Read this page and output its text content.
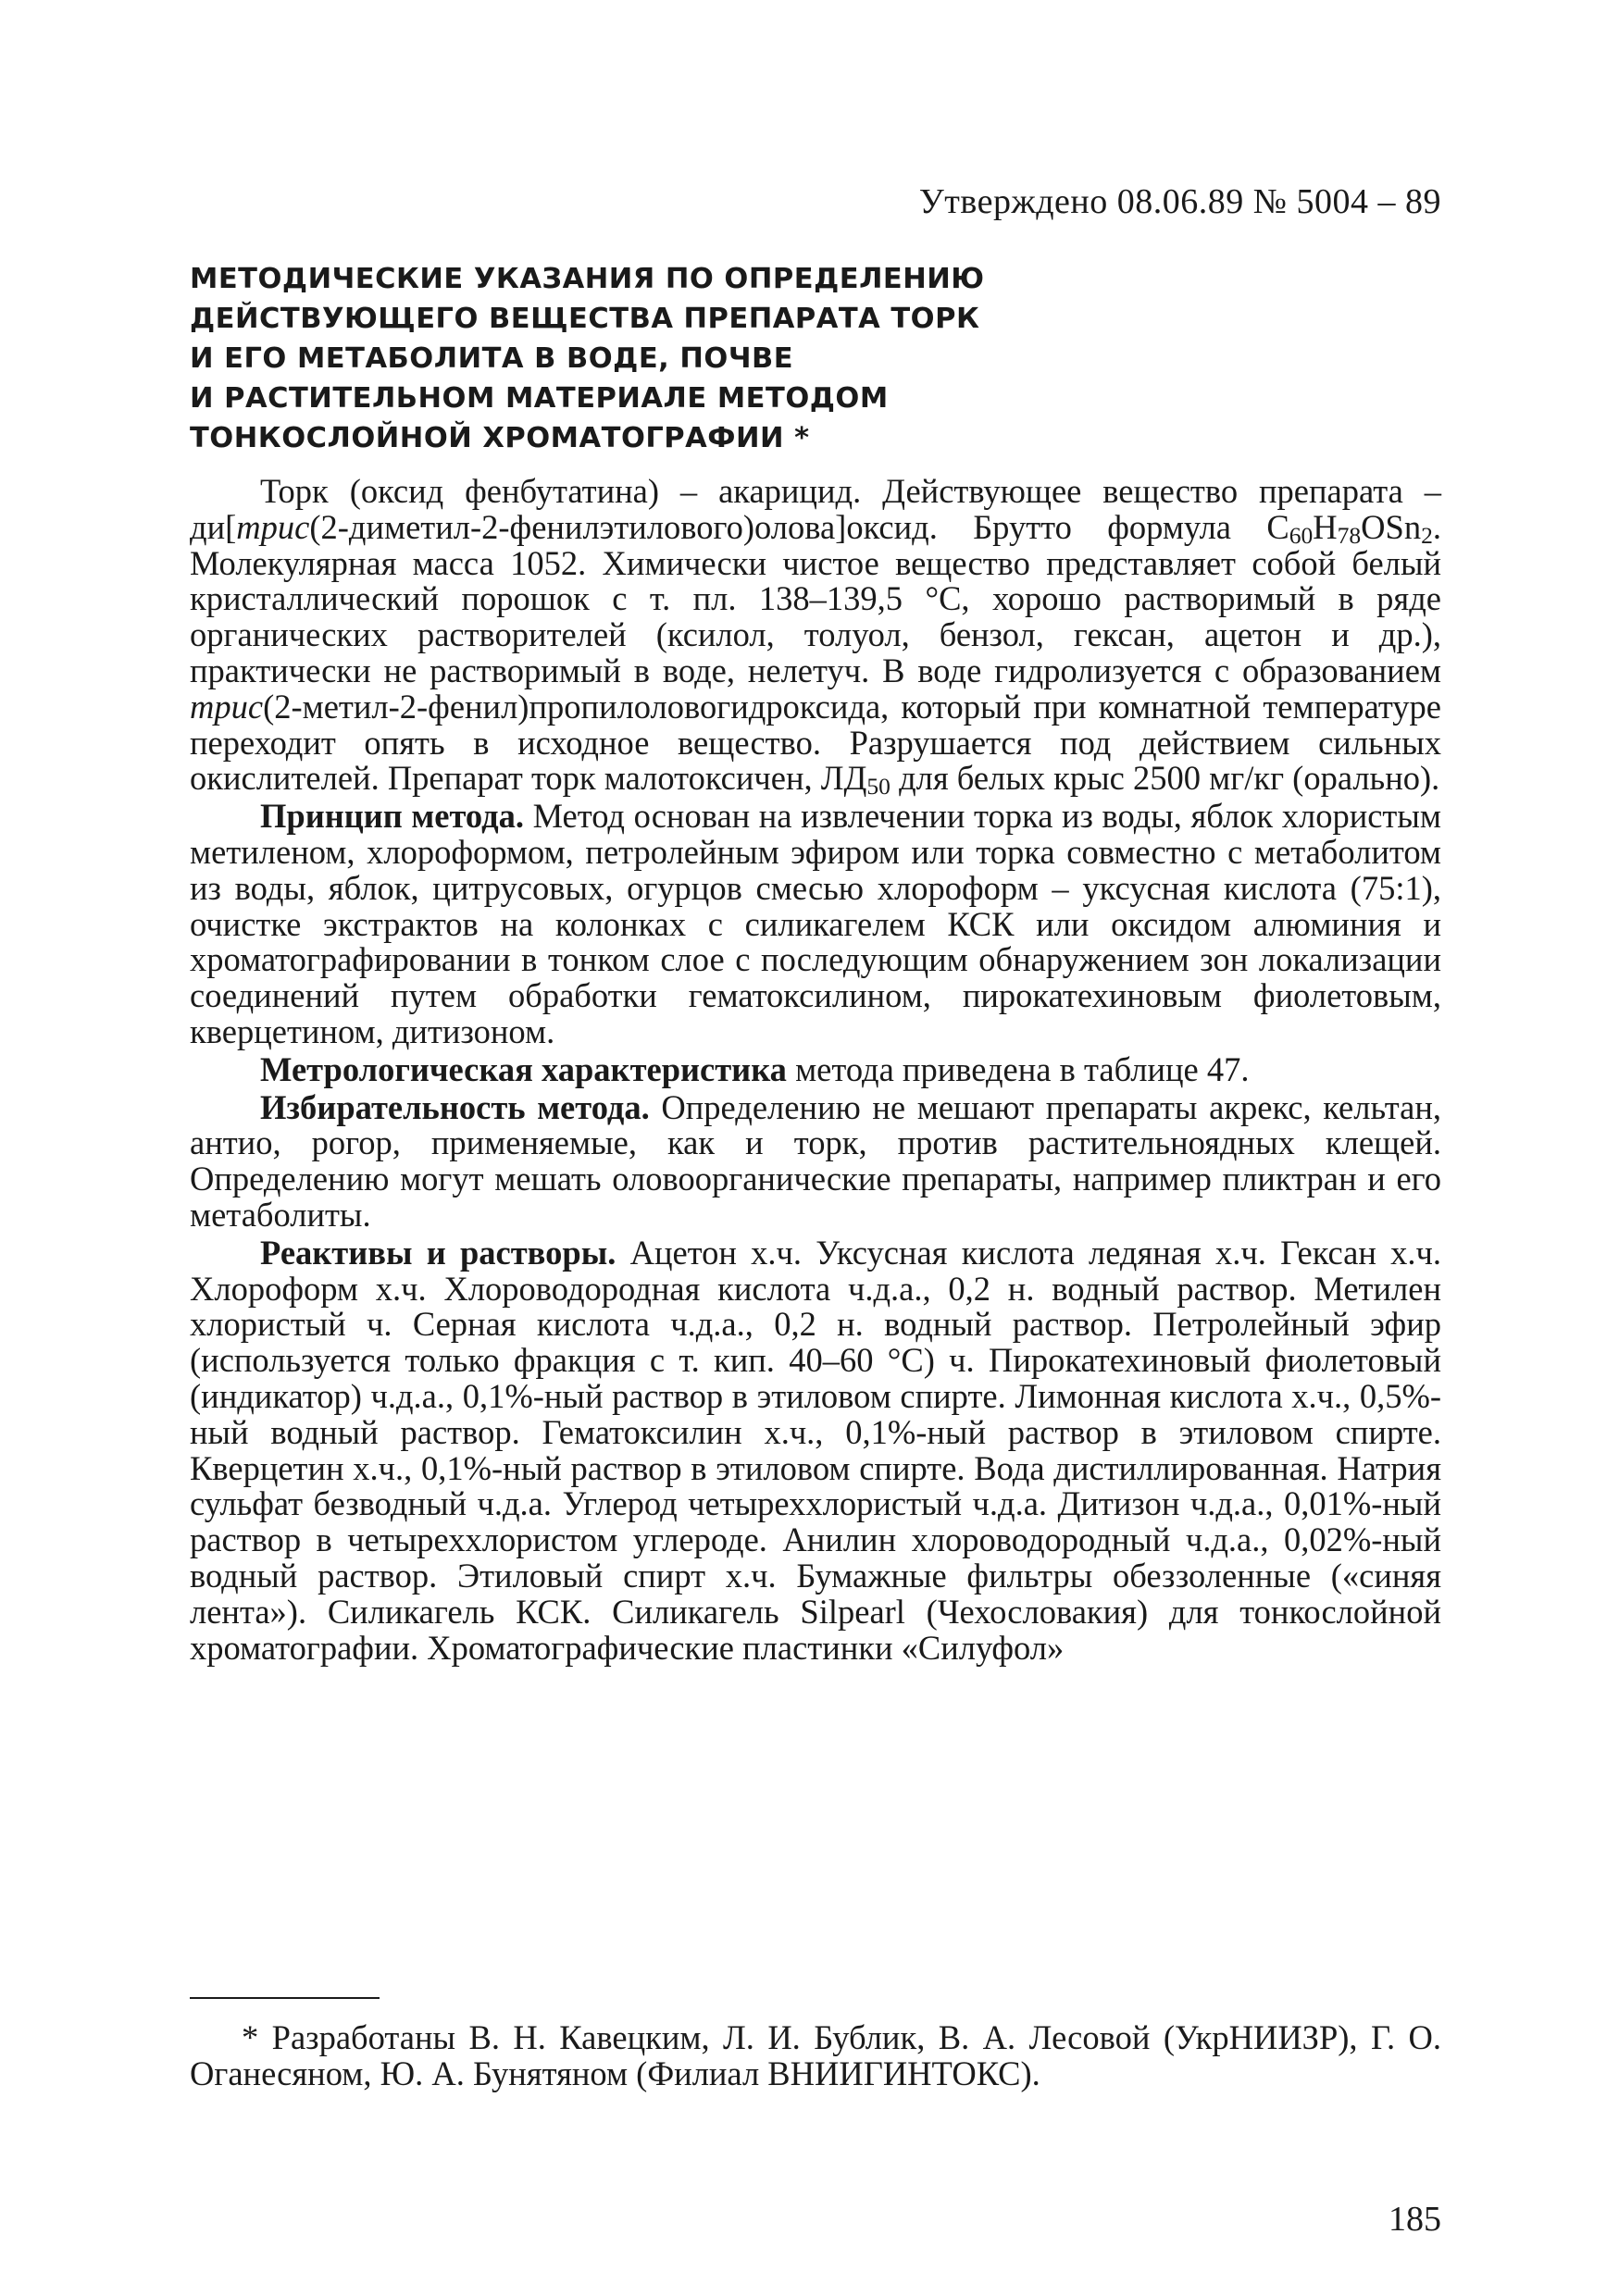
Утверждено 08.06.89 № 5004 – 89
МЕТОДИЧЕСКИЕ УКАЗАНИЯ ПО ОПРЕДЕЛЕНИЮ
ДЕЙСТВУЮЩЕГО ВЕЩЕСТВА ПРЕПАРАТА ТОРК
И ЕГО МЕТАБОЛИТА В ВОДЕ, ПОЧВЕ
И РАСТИТЕЛЬНОМ МАТЕРИАЛЕ МЕТОДОМ
ТОНКОСЛОЙНОЙ ХРОМАТОГРАФИИ *

Торк (оксид фенбутатина) – акарицид. Действующее вещество препарата – ди[трис(2-диметил-2-фенилэтилового)олова]оксид. Брутто формула $C_{60}H_{78}OSn_2$. Молекулярная масса 1052. Химически чистое вещество представляет собой белый кристаллический порошок с т. пл. 138–139,5 °С, хорошо растворимый в ряде органических растворителей (ксилол, толуол, бензол, гексан, ацетон и др.), практически не растворимый в воде, нелетуч. В воде гидролизуется с образованием трис(2-метил-2-фенил)пропилоловогидроксида, который при комнатной температуре переходит опять в исходное вещество. Разрушается под действием сильных окислителей. Препарат торк малотоксичен, $ЛД_{50}$ для белых крыс 2500 мг/кг (орально).

Принцип метода. Метод основан на извлечении торка из воды, яблок хлористым метиленом, хлороформом, петролейным эфиром или торка совместно с метаболитом из воды, яблок, цитрусовых, огурцов смесью хлороформ – уксусная кислота (75:1), очистке экстрактов на колонках с силикагелем КСК или оксидом алюминия и хроматографировании в тонком слое с последующим обнаружением зон локализации соединений путем обработки гематоксилином, пирокатехиновым фиолетовым, кверцетином, дитизоном.

Метрологическая характеристика метода приведена в таблице 47.

Избирательность метода. Определению не мешают препараты акрекс, кельтан, антио, рогор, применяемые, как и торк, против растительноядных клещей. Определению могут мешать оловоорганические препараты, например пликтран и его метаболиты.

Реактивы и растворы. Ацетон х.ч. Уксусная кислота ледяная х.ч. Гексан х.ч. Хлороформ х.ч. Хлороводородная кислота ч.д.а., 0,2 н. водный раствор. Метилен хлористый ч. Серная кислота ч.д.а., 0,2 н. водный раствор. Петролейный эфир (используется только фракция с т. кип. 40–60 °С) ч. Пирокатехиновый фиолетовый (индикатор) ч.д.а., 0,1%-ный раствор в этиловом спирте. Лимонная кислота х.ч., 0,5%-ный водный раствор. Гематоксилин х.ч., 0,1%-ный раствор в этиловом спирте. Кверцетин х.ч., 0,1%-ный раствор в этиловом спирте. Вода дистиллированная. Натрия сульфат безводный ч.д.а. Углерод четыреххлористый ч.д.а. Дитизон ч.д.а., 0,01%-ный раствор в четыреххлористом углероде. Анилин хлороводородный ч.д.а., 0,02%-ный водный раствор. Этиловый спирт х.ч. Бумажные фильтры обеззоленные («синяя лента»). Силикагель КСК. Силикагель Silpearl (Чехословакия) для тонкослойной хроматографии. Хроматографические пластинки «Силуфол»

* Разработаны В. Н. Кавецким, Л. И. Бублик, В. А. Лесовой (УкрНИИЗР), Г. О. Оганесяном, Ю. А. Бунятяном (Филиал ВНИИГИНТОКС).
185
